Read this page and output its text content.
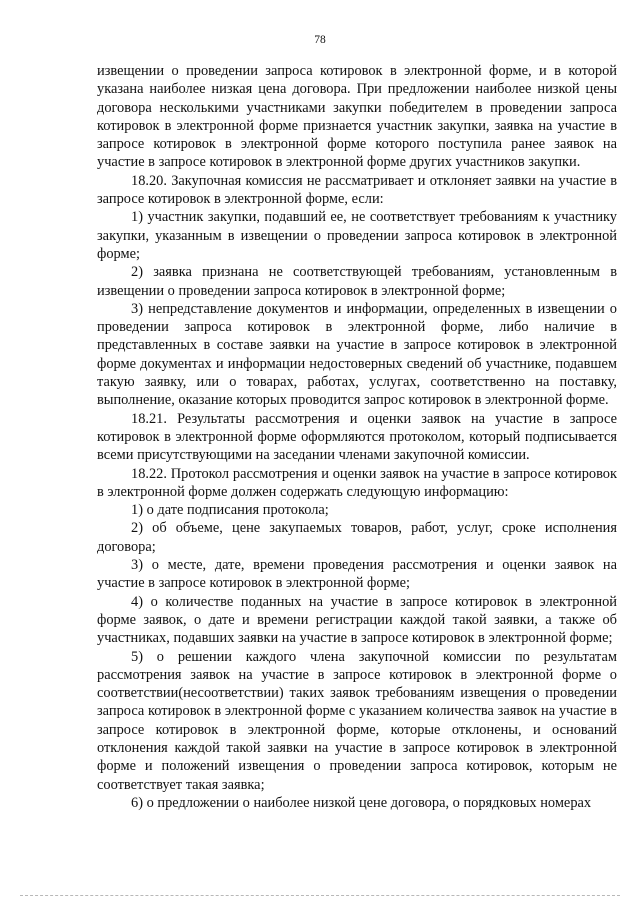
78

извещении о проведении запроса котировок в электронной форме, и в которой указана наиболее низкая цена договора. При предложении наиболее низкой цены договора несколькими участниками закупки победителем в проведении запроса котировок в электронной форме признается участник закупки, заявка на участие в запросе котировок в электронной форме которого поступила ранее заявок на участие в запросе котировок в электронной форме других участников закупки.

18.20. Закупочная комиссия не рассматривает и отклоняет заявки на участие в запросе котировок в электронной форме, если:

1) участник закупки, подавший ее, не соответствует требованиям к участнику закупки, указанным в извещении о проведении запроса котировок в электронной форме;

2) заявка признана не соответствующей требованиям, установленным в извещении о проведении запроса котировок в электронной форме;

3) непредставление документов и информации, определенных в извещении о проведении запроса котировок в электронной форме, либо наличие в представленных в составе заявки на участие в запросе котировок в электронной форме документах и информации недостоверных сведений об участнике, подавшем такую заявку, или о товарах, работах, услугах, соответственно на поставку, выполнение, оказание которых проводится запрос котировок в электронной форме.

18.21. Результаты рассмотрения и оценки заявок на участие в запросе котировок в электронной форме оформляются протоколом, который подписывается всеми присутствующими на заседании членами закупочной комиссии.

18.22. Протокол рассмотрения и оценки заявок на участие в запросе котировок в электронной форме должен содержать следующую информацию:

1) о дате подписания протокола;

2) об объеме, цене закупаемых товаров, работ, услуг, сроке исполнения договора;

3) о месте, дате, времени проведения рассмотрения и оценки заявок на участие в запросе котировок в электронной форме;

4) о количестве поданных на участие в запросе котировок в электронной форме заявок, о дате и времени регистрации каждой такой заявки, а также об участниках, подавших заявки на участие в запросе котировок в электронной форме;

5) о решении каждого члена закупочной комиссии по результатам рассмотрения заявок на участие в запросе котировок в электронной форме о соответствии(несоответствии) таких заявок требованиям извещения о проведении запроса котировок в электронной форме с указанием количества заявок на участие в запросе котировок в электронной форме, которые отклонены, и оснований отклонения каждой такой заявки на участие в запросе котировок в электронной форме и положений извещения о проведении запроса котировок, которым не соответствует такая заявка;

6) о предложении о наиболее низкой цене договора, о порядковых номерах
